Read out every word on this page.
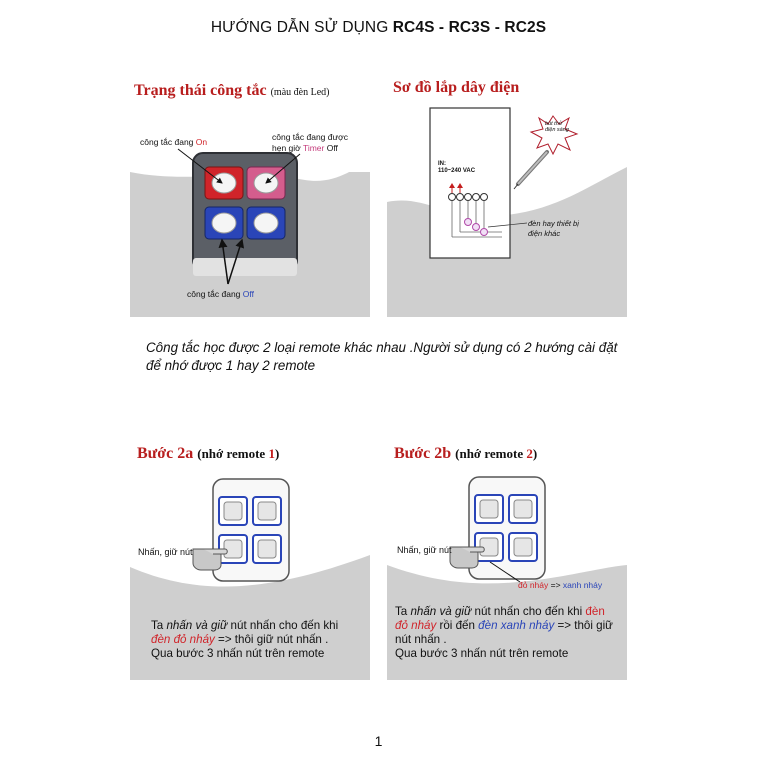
HƯỚNG DẪN SỬ DỤNG RC4S - RC3S - RC2S
Trạng thái công tắc (màu đèn Led)
công tắc đang On	công tắc đang được
hẹn giờ Timer Off
công tắc đang Off
Sơ đồ lắp dây điện
IN:
110~240 VAC
bút thử
điện sáng
đèn hay thiết bị
điện khác
Công tắc học được 2 loại remote khác nhau .Người sử dụng có 2 hướng cài đặt
để nhớ được 1 hay 2 remote
Bước 2a (nhớ remote 1)
Nhấn, giữ nút
Ta nhấn và giữ nút nhấn cho đến khi
đèn đỏ nháy => thôi giữ nút nhấn .
Qua bước 3 nhấn nút trên remote
Bước 2b (nhớ remote 2)
Nhấn, giữ nút
đỏ nháy => xanh nháy
Ta nhấn và giữ nút nhấn cho đến khi đèn
đỏ nháy rồi đến đèn xanh nháy => thôi giữ
nút nhấn .
Qua bước 3 nhấn nút trên remote
1
